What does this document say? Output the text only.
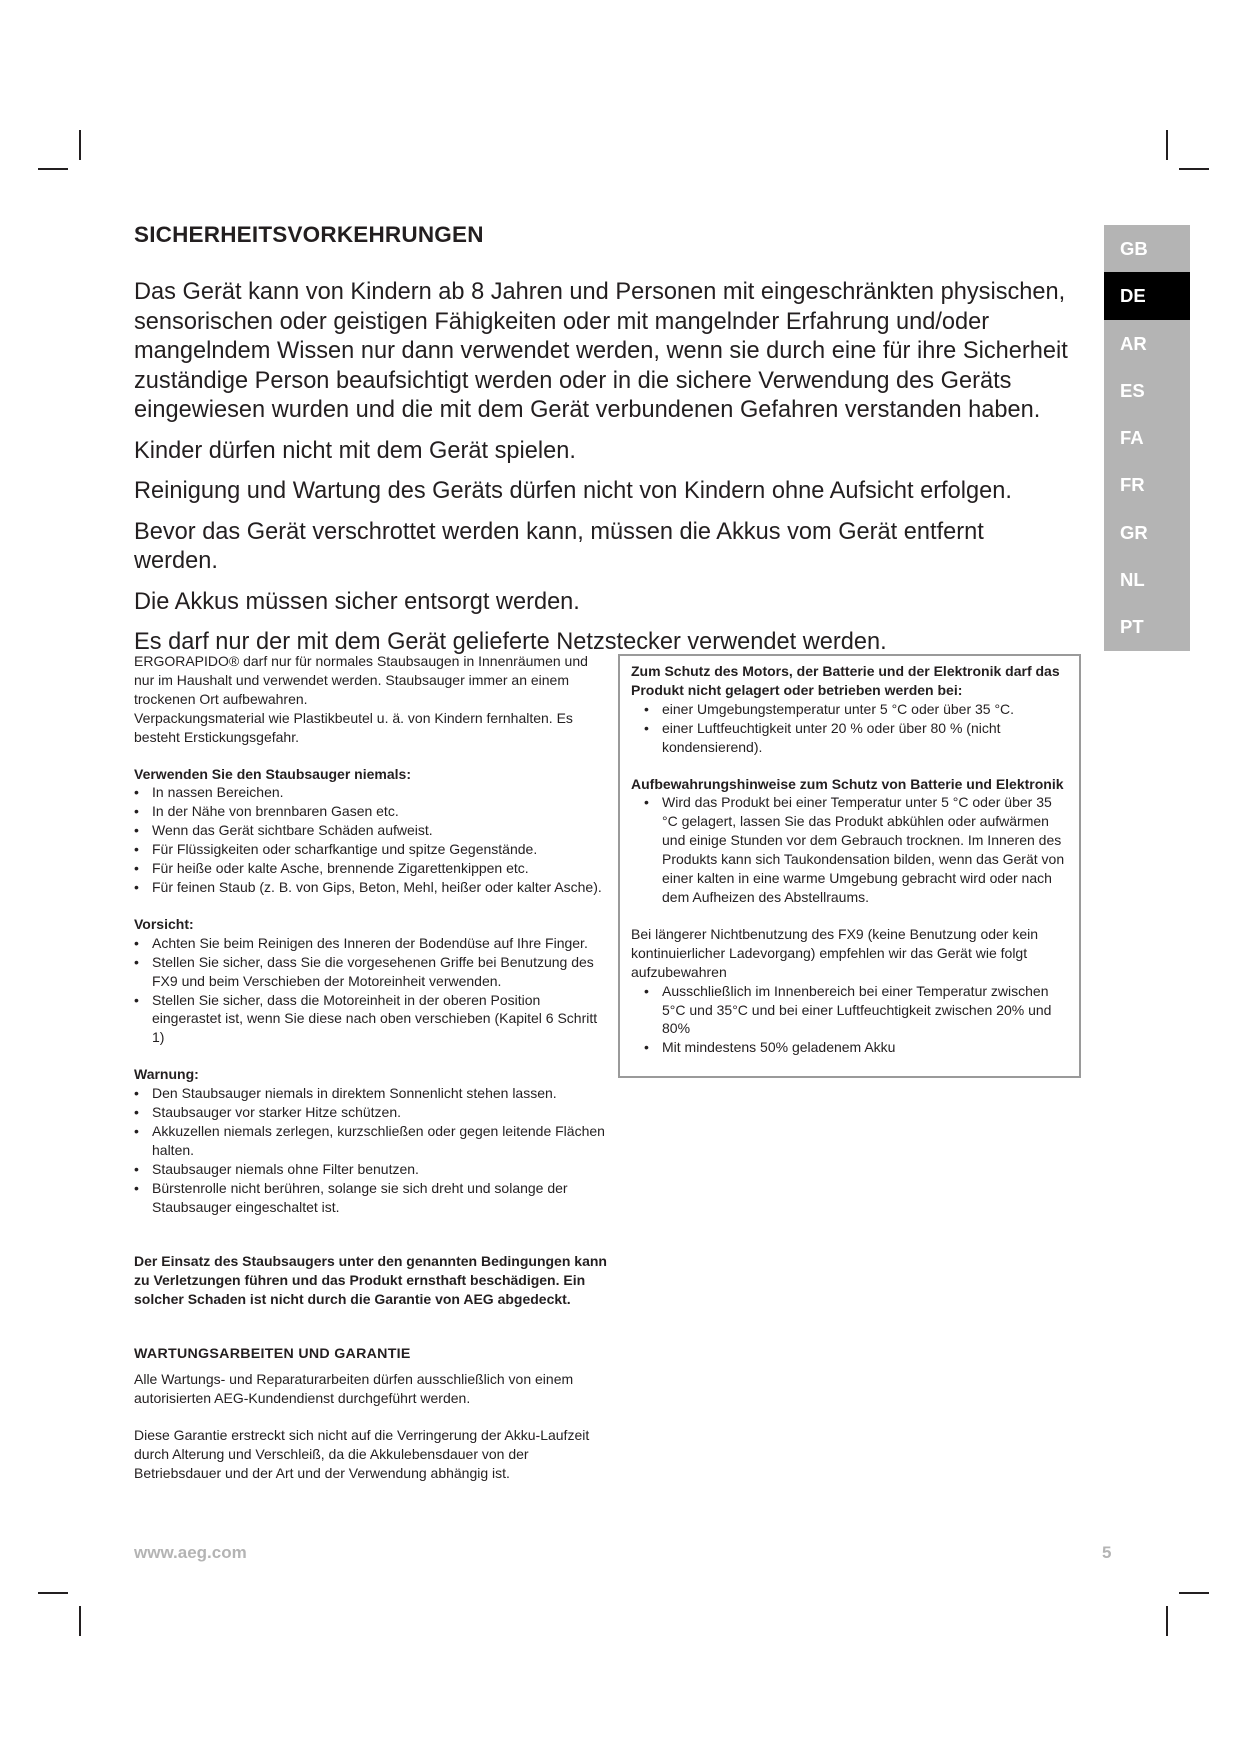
SICHERHEITSVORKEHRUNGEN

Das Gerät kann von Kindern ab 8 Jahren und Personen mit eingeschränkten physischen, sensorischen oder geistigen Fähigkeiten oder mit mangelnder Erfahrung und/oder mangelndem Wissen nur dann verwendet werden, wenn sie durch eine für ihre Sicherheit zuständige Person beaufsichtigt werden oder in die sichere Verwendung des Geräts eingewiesen wurden und die mit dem Gerät verbundenen Gefahren verstanden haben.

Kinder dürfen nicht mit dem Gerät spielen.

Reinigung und Wartung des Geräts dürfen nicht von Kindern ohne Aufsicht erfolgen.

Bevor das Gerät verschrottet werden kann, müssen die Akkus vom Gerät entfernt werden.

Die Akkus müssen sicher entsorgt werden.

Es darf nur der mit dem Gerät gelieferte Netzstecker verwendet werden.

GB
DE
AR
ES
FA
FR
GR
NL
PT

ERGORAPIDO® darf nur für normales Staubsaugen in Innenräumen und nur im Haushalt und verwendet werden. Staubsauger immer an einem trockenen Ort aufbewahren.

Verpackungsmaterial wie Plastikbeutel u. ä. von Kindern fernhalten. Es besteht Erstickungsgefahr.

Verwenden Sie den Staubsauger niemals:

• In nassen Bereichen.
• In der Nähe von brennbaren Gasen etc.
• Wenn das Gerät sichtbare Schäden aufweist.
• Für Flüssigkeiten oder scharfkantige und spitze Gegenstände.
• Für heiße oder kalte Asche, brennende Zigarettenkippen etc.
• Für feinen Staub (z. B. von Gips, Beton, Mehl, heißer oder kalter Asche).

Vorsicht:

• Achten Sie beim Reinigen des Inneren der Bodendüse auf Ihre Finger.
• Stellen Sie sicher, dass Sie die vorgesehenen Griffe bei Benutzung des FX9 und beim Verschieben der Motoreinheit verwenden.
• Stellen Sie sicher, dass die Motoreinheit in der oberen Position eingerastet ist, wenn Sie diese nach oben verschieben (Kapitel 6 Schritt 1)

Warnung:

• Den Staubsauger niemals in direktem Sonnenlicht stehen lassen.
• Staubsauger vor starker Hitze schützen.
• Akkuzellen niemals zerlegen, kurzschließen oder gegen leitende Flächen halten.
• Staubsauger niemals ohne Filter benutzen.
• Bürstenrolle nicht berühren, solange sie sich dreht und solange der Staubsauger eingeschaltet ist.

Der Einsatz des Staubsaugers unter den genannten Bedingungen kann zu Verletzungen führen und das Produkt ernsthaft beschädigen. Ein solcher Schaden ist nicht durch die Garantie von AEG abgedeckt.

WARTUNGSARBEITEN UND GARANTIE

Alle Wartungs- und Reparaturarbeiten dürfen ausschließlich von einem autorisierten AEG-Kundendienst durchgeführt werden.

Diese Garantie erstreckt sich nicht auf die Verringerung der Akku-Laufzeit durch Alterung und Verschleiß, da die Akkulebensdauer von der Betriebsdauer und der Art und der Verwendung abhängig ist.

Zum Schutz des Motors, der Batterie und der Elektronik darf das Produkt nicht gelagert oder betrieben werden bei:

• einer Umgebungstemperatur unter 5 °C oder über 35 °C.
• einer Luftfeuchtigkeit unter 20 % oder über 80 % (nicht kondensierend).

Aufbewahrungshinweise zum Schutz von Batterie und Elektronik

• Wird das Produkt bei einer Temperatur unter 5 °C oder über 35 °C gelagert, lassen Sie das Produkt abkühlen oder aufwärmen und einige Stunden vor dem Gebrauch trocknen. Im Inneren des Produkts kann sich Taukondensation bilden, wenn das Gerät von einer kalten in eine warme Umgebung gebracht wird oder nach dem Aufheizen des Abstellraums.

Bei längerer Nichtbenutzung des FX9 (keine Benutzung oder kein kontinuierlicher Ladevorgang) empfehlen wir das Gerät wie folgt aufzubewahren

• Ausschließlich im Innenbereich bei einer Temperatur zwischen 5°C und 35°C und bei einer Luftfeuchtigkeit zwischen 20% und 80%
• Mit mindestens 50% geladenem Akku
www.aeg.com	5
